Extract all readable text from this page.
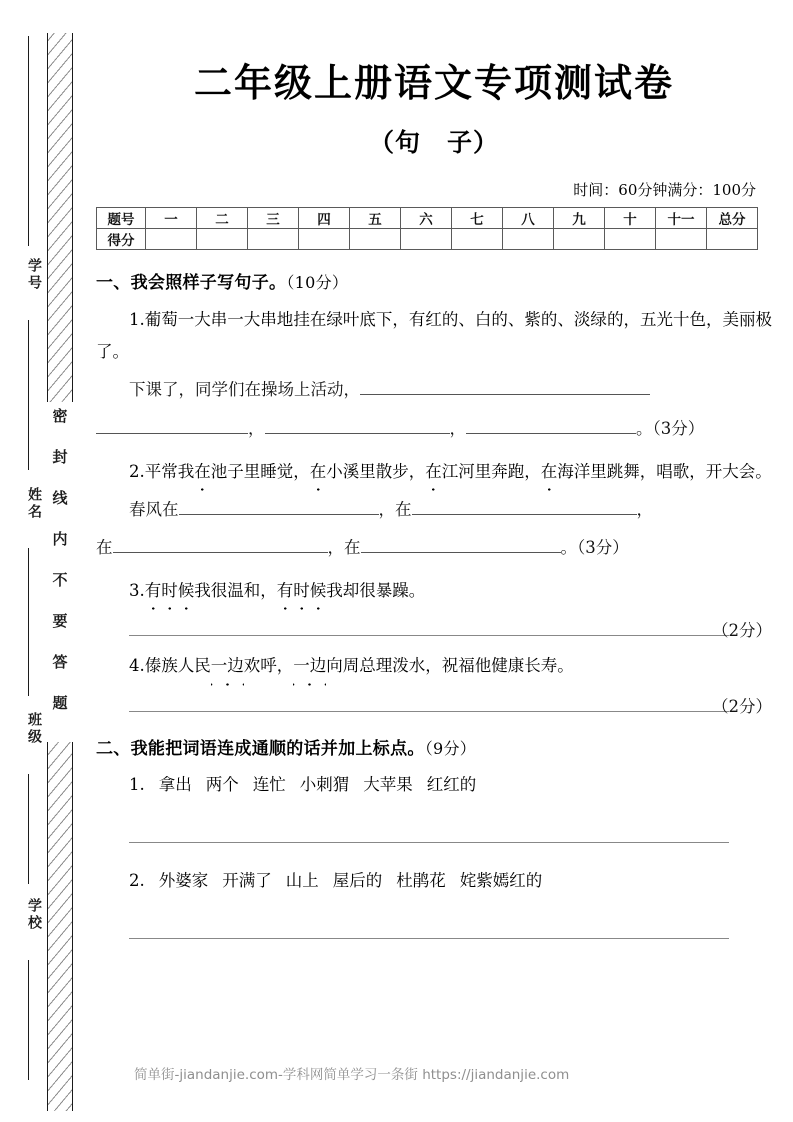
密封线内不要答题
学号
姓名
班级
学校
二年级上册语文专项测试卷
（句　子）
时间：60分钟满分：100分
题号	一	二	三	四	五	六	七	八	九	十	十一	总分
得分												
一、我会照样子写句子。（10分）
1.葡萄一大串一大串地挂在绿叶底下，有红的、白的、紫的、淡绿的，五光十色，美丽极了。
下课了，同学们在操场上活动，
，	，	。（3分）
2.平常我在池子里睡觉，在小溪里散步，在江河里奔跑，在海洋里跳舞，唱歌，开大会。
春风在	，在	，
在	，在	。（3分）
3.有时候我很温和，有时候我却很暴躁。
（2分）
4.傣族人民一边欢呼，一边向周总理泼水，祝福他健康长寿。
（2分）
二、我能把词语连成通顺的话并加上标点。（9分）
1. 拿出 两个 连忙 小刺猬 大苹果 红红的
2. 外婆家 开满了 山上 屋后的 杜鹃花 姹紫嫣红的
简单街-jiandanjie.com-学科网简单学习一条街 https://jiandanjie.com
